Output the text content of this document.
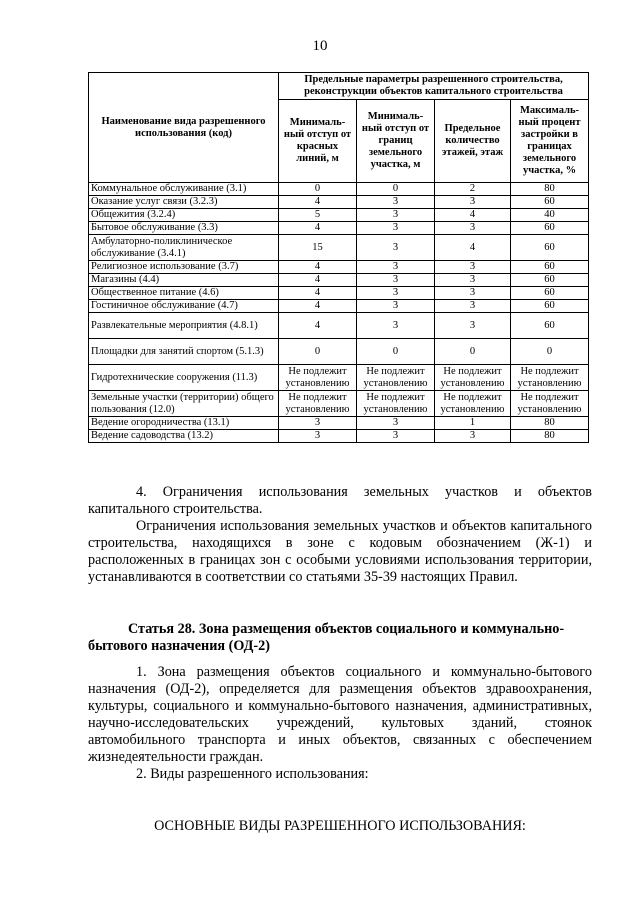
10
Наименование вида разрешенного использования (код)	Предельные параметры разрешенного строительства, реконструкции объектов капитального строительства			
	Минималь-ный отступ от красных линий, м	Минималь-ный отступ от границ земельного участка, м	Предельное количество этажей, этаж	Максималь-ный процент застройки в границах земельного участка, %
Коммунальное обслуживание (3.1)	0	0	2	80
Оказание услуг связи (3.2.3)	4	3	3	60
Общежития (3.2.4)	5	3	4	40
Бытовое обслуживание (3.3)	4	3	3	60
Амбулаторно-поликлиническое обслуживание (3.4.1)	15	3	4	60
Религиозное использование (3.7)	4	3	3	60
Магазины (4.4)	4	3	3	60
Общественное питание (4.6)	4	3	3	60
Гостиничное обслуживание (4.7)	4	3	3	60
Развлекательные мероприятия (4.8.1)	4	3	3	60
Площадки для занятий спортом (5.1.3)	0	0	0	0
Гидротехнические сооружения (11.3)	Не подлежит установлению	Не подлежит установлению	Не подлежит установлению	Не подлежит установлению
Земельные участки (территории) общего пользования (12.0)	Не подлежит установлению	Не подлежит установлению	Не подлежит установлению	Не подлежит установлению
Ведение огородничества (13.1)	3	3	1	80
Ведение садоводства (13.2)	3	3	3	80

4. Ограничения использования земельных участков и объектов капитального строительства.

Ограничения использования земельных участков и объектов капитального строительства, находящихся в зоне с кодовым обозначением (Ж-1) и расположенных в границах зон с особыми условиями использования территории, устанавливаются в соответствии со статьями 35-39 настоящих Правил.

Статья 28. Зона размещения объектов социального и коммунально-бытового назначения (ОД-2)

1. Зона размещения объектов социального и коммунально-бытового назначения (ОД-2), определяется для размещения объектов здравоохранения, культуры, социального и коммунально-бытового назначения, административных, научно-исследовательских учреждений, культовых зданий, стоянок автомобильного транспорта и иных объектов, связанных с обеспечением жизнедеятельности граждан.

2. Виды разрешенного использования:

ОСНОВНЫЕ ВИДЫ РАЗРЕШЕННОГО ИСПОЛЬЗОВАНИЯ:
